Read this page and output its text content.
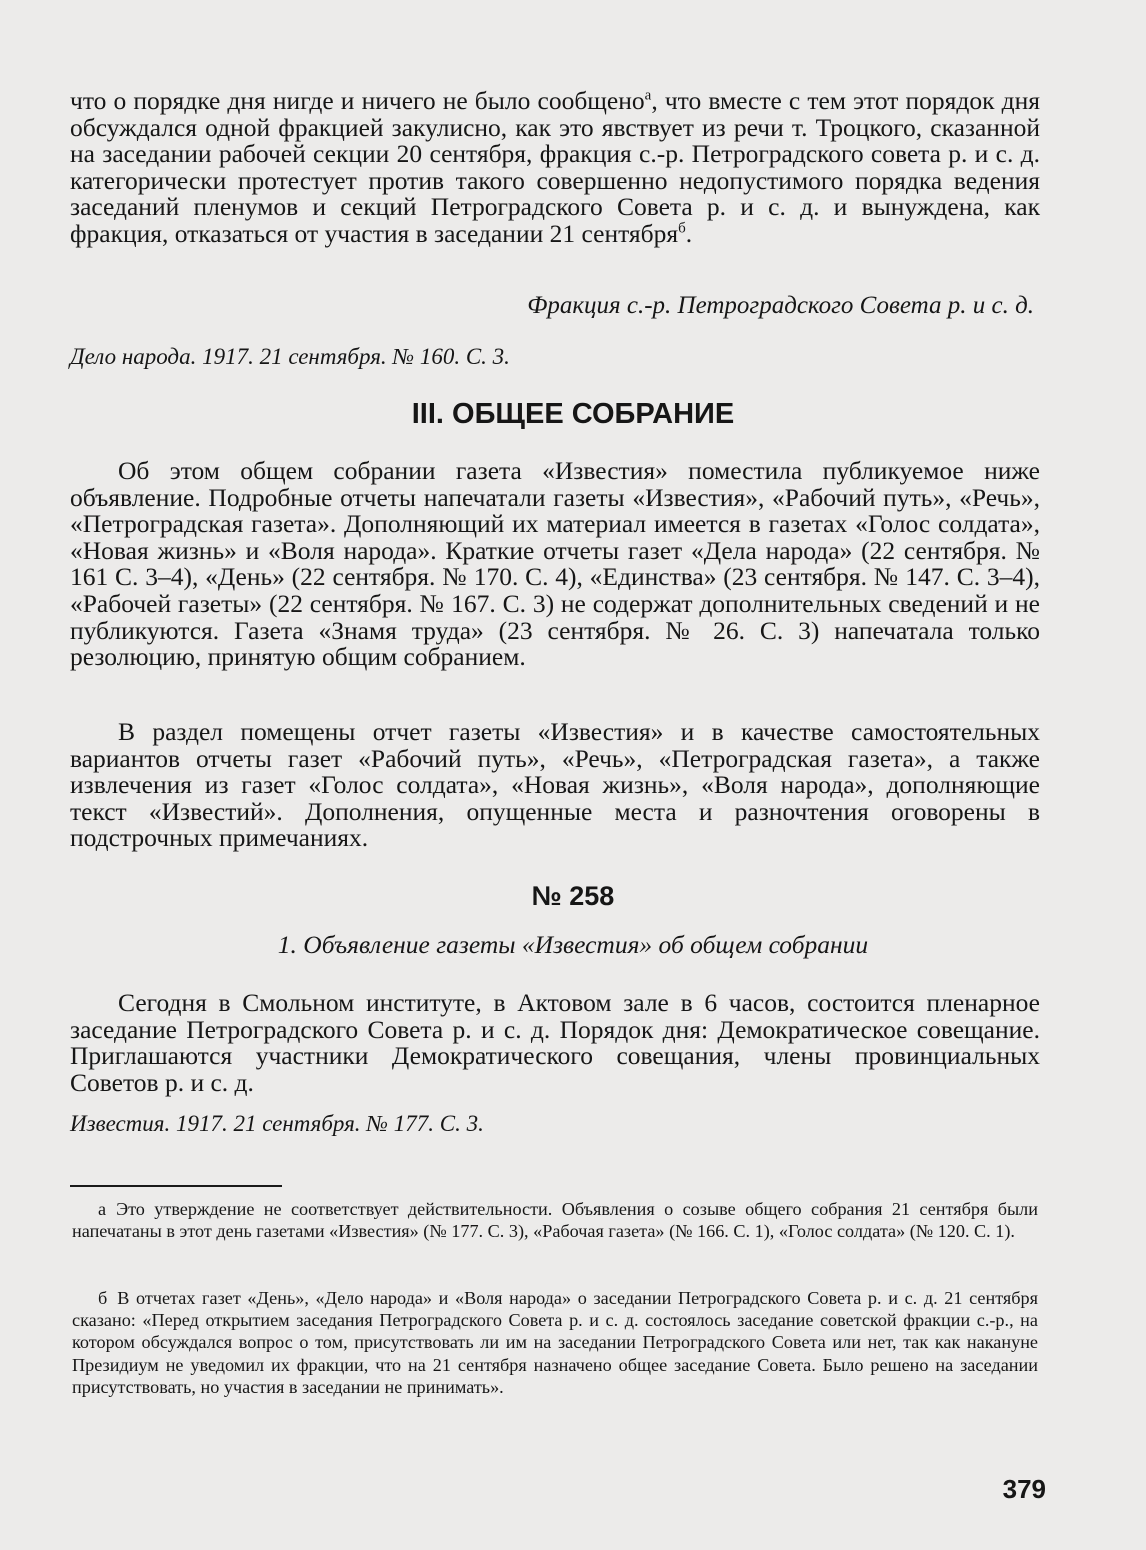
что о порядке дня нигде и ничего не было сообщено$^а$, что вместе с тем этот порядок дня обсуждался одной фракцией закулисно, как это явствует из речи т. Троцкого, сказанной на заседании рабочей секции 20 сентября, фракция с.-р. Петроградского совета р. и с. д. категорически протестует против такого совершенно недопустимого порядка ведения заседаний пленумов и секций Петроградского Совета р. и с. д. и вынуждена, как фракция, отказаться от участия в заседании 21 сентября$^б$.

Фракция с.-р. Петроградского Совета р. и с. д.

Дело народа. 1917. 21 сентября. № 160. С. 3.

III. ОБЩЕЕ СОБРАНИЕ

Об этом общем собрании газета «Известия» поместила публикуемое ниже объявление. Подробные отчеты напечатали газеты «Известия», «Рабочий путь», «Речь», «Петроградская газета». Дополняющий их материал имеется в газетах «Голос солдата», «Новая жизнь» и «Воля народа». Краткие отчеты газет «Дела народа» (22 сентября. № 161 С. 3–4), «День» (22 сентября. № 170. С. 4), «Единства» (23 сентября. № 147. С. 3–4), «Рабочей газеты» (22 сентября. № 167. С. 3) не содержат дополнительных сведений и не публикуются. Газета «Знамя труда» (23 сентября. № 26. С. 3) напечатала только резолюцию, принятую общим собранием.

В раздел помещены отчет газеты «Известия» и в качестве самостоятельных вариантов отчеты газет «Рабочий путь», «Речь», «Петроградская газета», а также извлечения из газет «Голос солдата», «Новая жизнь», «Воля народа», дополняющие текст «Известий». Дополнения, опущенные места и разночтения оговорены в подстрочных примечаниях.

№ 258

1. Объявление газеты «Известия» об общем собрании

Сегодня в Смольном институте, в Актовом зале в 6 часов, состоится пленарное заседание Петроградского Совета р. и с. д. Порядок дня: Демократическое совещание. Приглашаются участники Демократического совещания, члены провинциальных Советов р. и с. д.

Известия. 1917. 21 сентября. № 177. С. 3.

а Это утверждение не соответствует действительности. Объявления о созыве общего собрания 21 сентября были напечатаны в этот день газетами «Известия» (№ 177. С. 3), «Рабочая газета» (№ 166. С. 1), «Голос солдата» (№ 120. С. 1).

б В отчетах газет «День», «Дело народа» и «Воля народа» о заседании Петроградского Совета р. и с. д. 21 сентября сказано: «Перед открытием заседания Петроградского Совета р. и с. д. состоялось заседание советской фракции с.-р., на котором обсуждался вопрос о том, присутствовать ли им на заседании Петроградского Совета или нет, так как накануне Президиум не уведомил их фракции, что на 21 сентября назначено общее заседание Совета. Было решено на заседании присутствовать, но участия в заседании не принимать».

379
